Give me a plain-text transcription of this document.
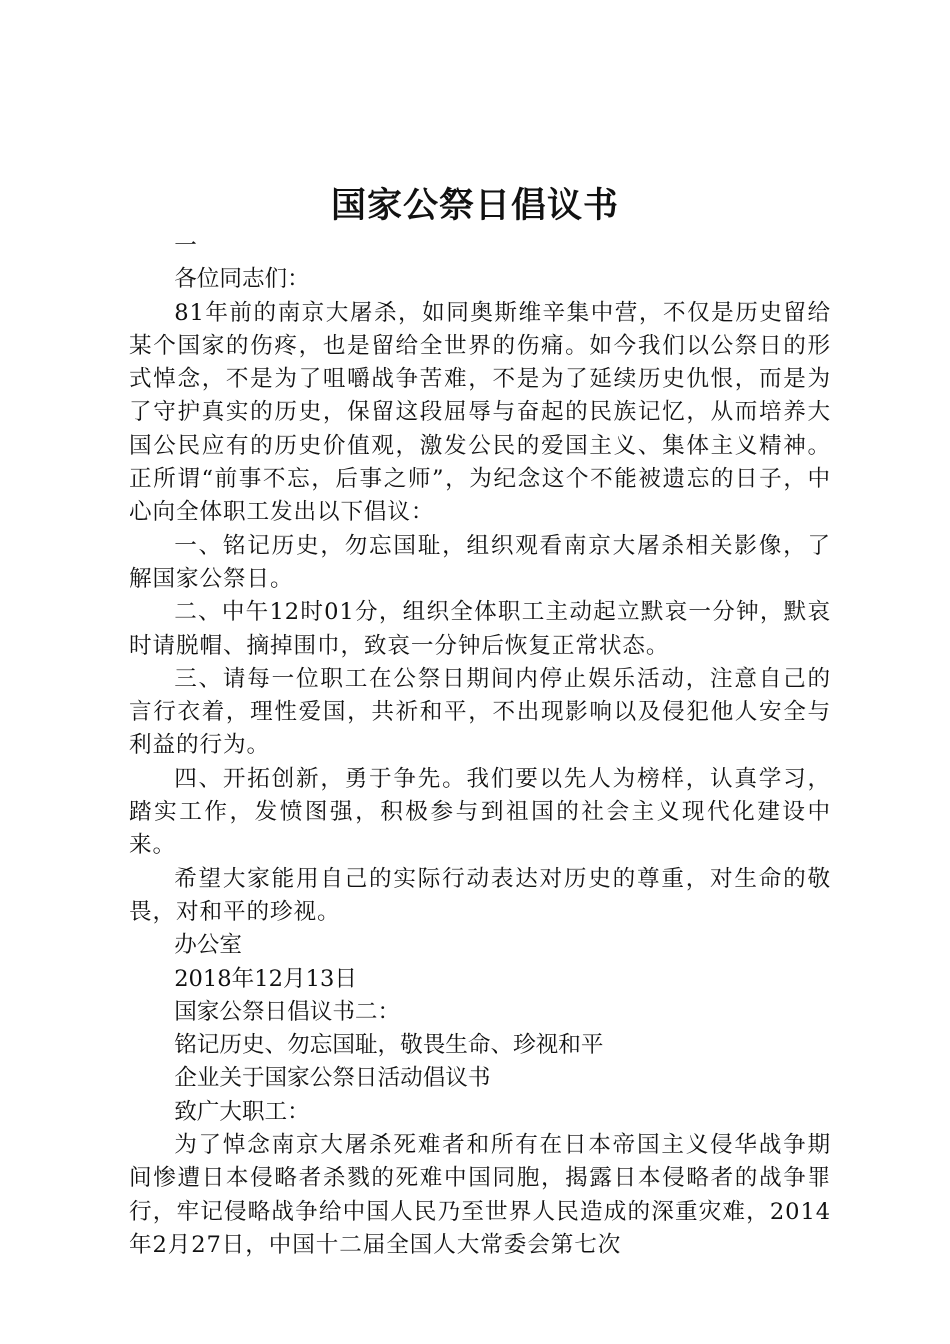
国家公祭日倡议书

一

各位同志们：

81年前的南京大屠杀，如同奥斯维辛集中营，不仅是历史留给某个国家的伤疼，也是留给全世界的伤痛。如今我们以公祭日的形式悼念，不是为了咀嚼战争苦难，不是为了延续历史仇恨，而是为了守护真实的历史，保留这段屈辱与奋起的民族记忆，从而培养大国公民应有的历史价值观，激发公民的爱国主义、集体主义精神。正所谓“前事不忘，后事之师”，为纪念这个不能被遗忘的日子，中心向全体职工发出以下倡议：

一、铭记历史，勿忘国耻，组织观看南京大屠杀相关影像，了解国家公祭日。

二、中午12时01分，组织全体职工主动起立默哀一分钟，默哀时请脱帽、摘掉围巾，致哀一分钟后恢复正常状态。

三、请每一位职工在公祭日期间内停止娱乐活动，注意自己的言行衣着，理性爱国，共祈和平，不出现影响以及侵犯他人安全与利益的行为。

四、开拓创新，勇于争先。我们要以先人为榜样，认真学习，踏实工作，发愤图强，积极参与到祖国的社会主义现代化建设中来。

希望大家能用自己的实际行动表达对历史的尊重，对生命的敬畏，对和平的珍视。

办公室

2018年12月13日

国家公祭日倡议书二：

铭记历史、勿忘国耻，敬畏生命、珍视和平

企业关于国家公祭日活动倡议书

致广大职工：

为了悼念南京大屠杀死难者和所有在日本帝国主义侵华战争期间惨遭日本侵略者杀戮的死难中国同胞，揭露日本侵略者的战争罪行，牢记侵略战争给中国人民乃至世界人民造成的深重灾难，2014年2月27日，中国十二届全国人大常委会第七次
